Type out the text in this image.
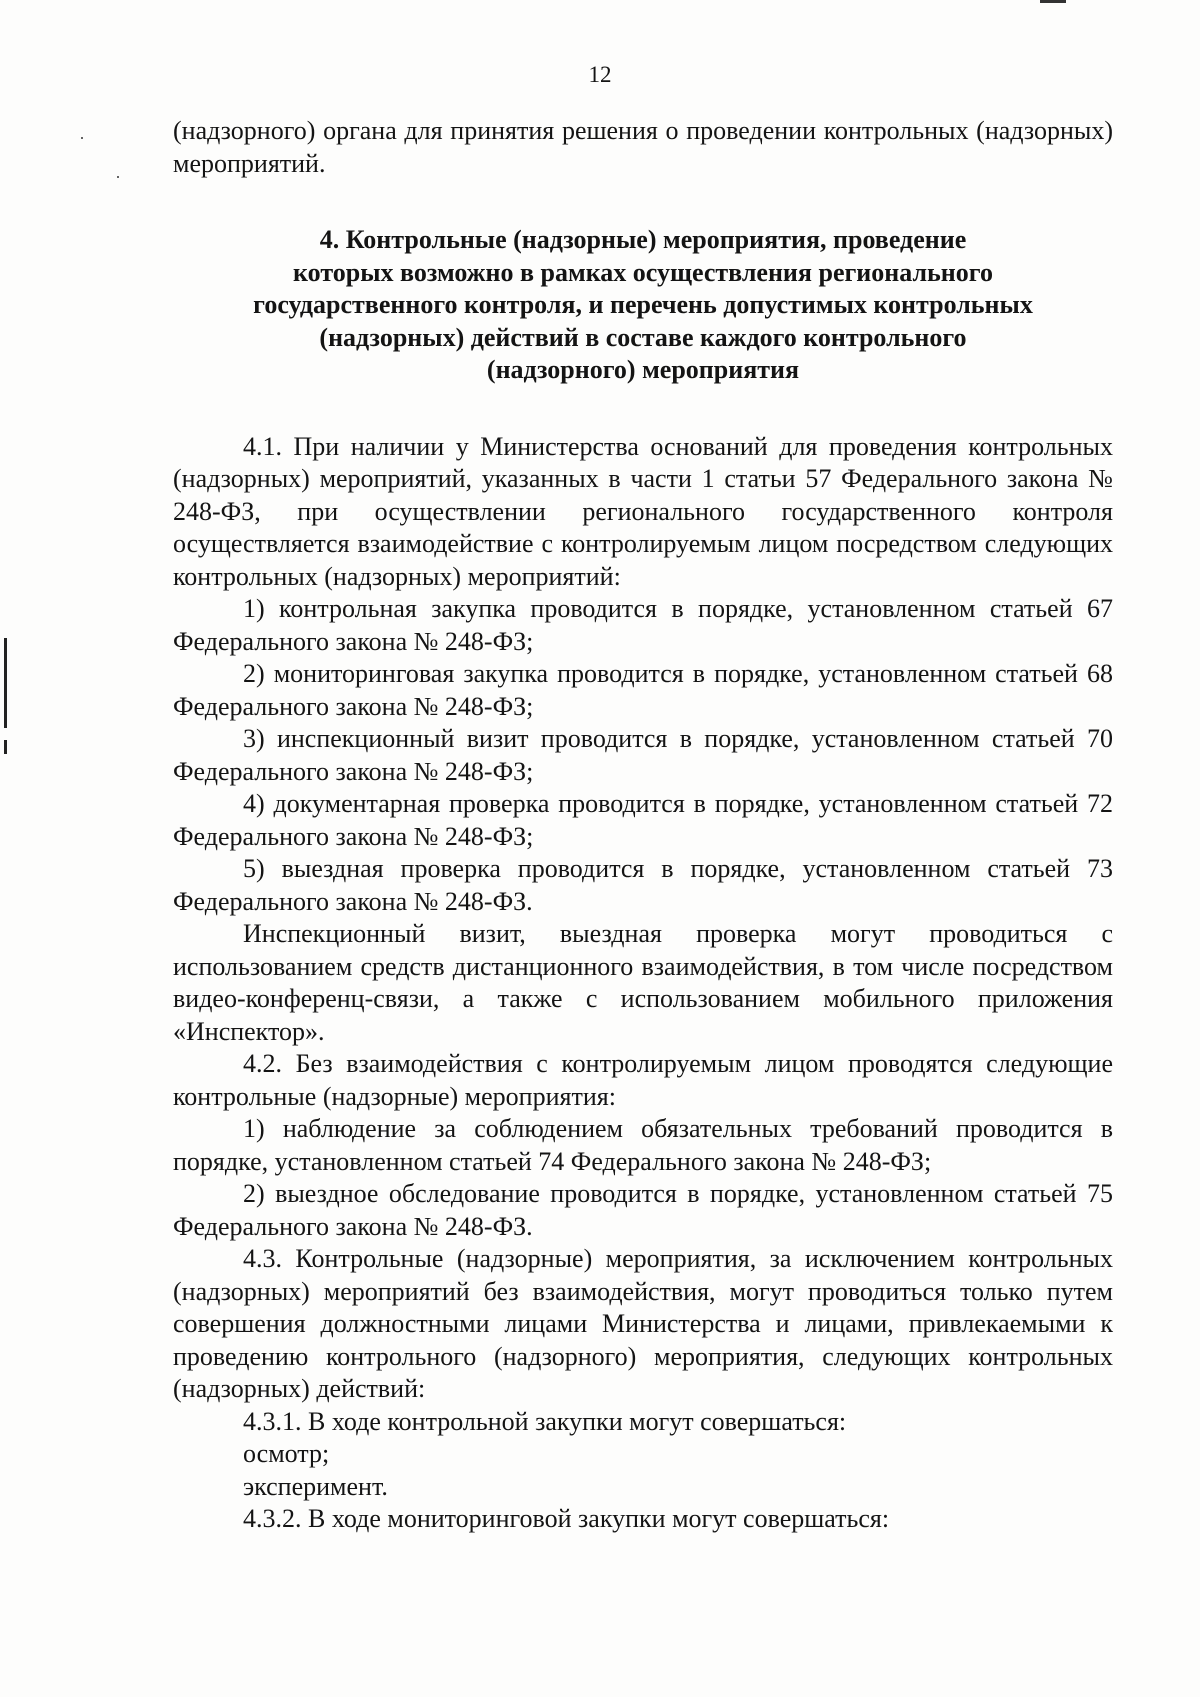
12

(надзорного) органа для принятия решения о проведении контрольных (надзорных) мероприятий.

4. Контрольные (надзорные) мероприятия, проведение
которых возможно в рамках осуществления регионального
государственного контроля, и перечень допустимых контрольных
(надзорных) действий в составе каждого контрольного
(надзорного) мероприятия

4.1. При наличии у Министерства оснований для проведения контрольных (надзорных) мероприятий, указанных в части 1 статьи 57 Федерального закона № 248-ФЗ, при осуществлении регионального государственного контроля осуществляется взаимодействие с контролируемым лицом посредством следующих контрольных (надзорных) мероприятий:

1) контрольная закупка проводится в порядке, установленном статьей 67 Федерального закона № 248-ФЗ;

2) мониторинговая закупка проводится в порядке, установленном статьей 68 Федерального закона № 248-ФЗ;

3) инспекционный визит проводится в порядке, установленном статьей 70 Федерального закона № 248-ФЗ;

4) документарная проверка проводится в порядке, установленном статьей 72 Федерального закона № 248-ФЗ;

5) выездная проверка проводится в порядке, установленном статьей 73 Федерального закона № 248-ФЗ.

Инспекционный визит, выездная проверка могут проводиться с использованием средств дистанционного взаимодействия, в том числе посредством видео-конференц-связи, а также с использованием мобильного приложения «Инспектор».

4.2. Без взаимодействия с контролируемым лицом проводятся следующие контрольные (надзорные) мероприятия:

1) наблюдение за соблюдением обязательных требований проводится в порядке, установленном статьей 74 Федерального закона № 248-ФЗ;

2) выездное обследование проводится в порядке, установленном статьей 75 Федерального закона № 248-ФЗ.

4.3. Контрольные (надзорные) мероприятия, за исключением контрольных (надзорных) мероприятий без взаимодействия, могут проводиться только путем совершения должностными лицами Министерства и лицами, привлекаемыми к проведению контрольного (надзорного) мероприятия, следующих контрольных (надзорных) действий:

4.3.1. В ходе контрольной закупки могут совершаться:

осмотр;

эксперимент.

4.3.2. В ходе мониторинговой закупки могут совершаться:
